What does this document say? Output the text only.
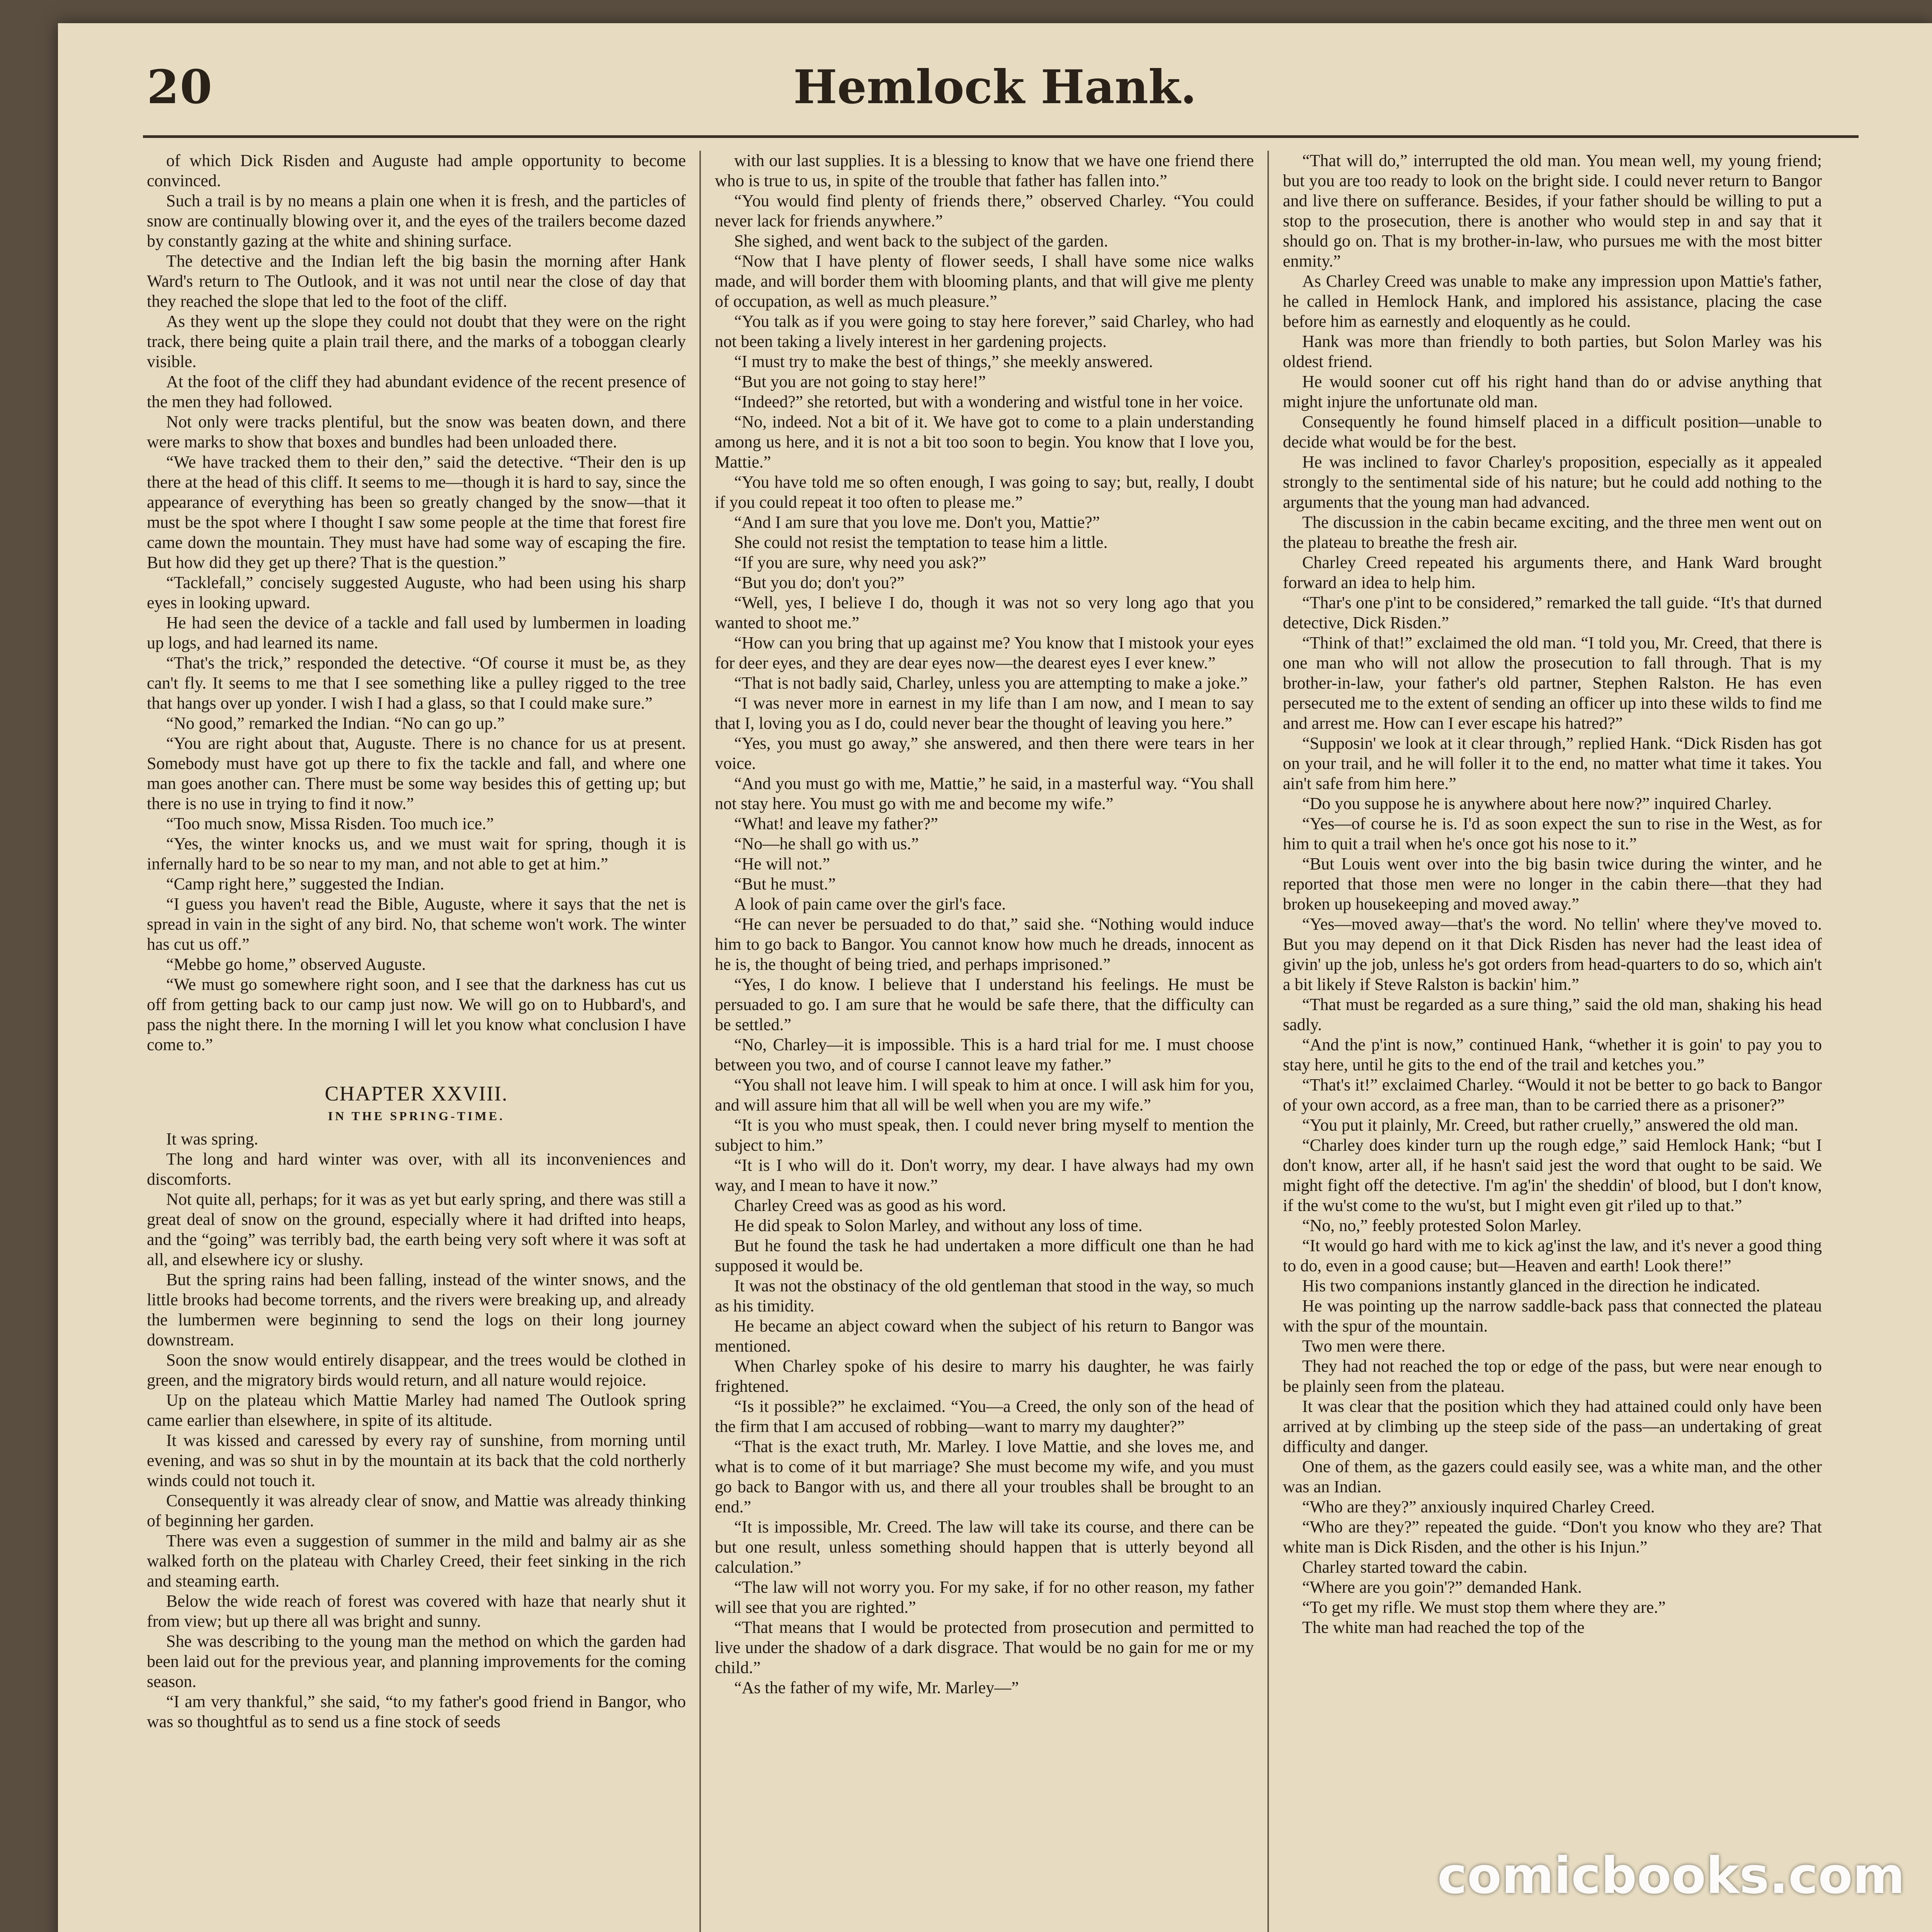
20	Hemlock Hank.

of which Dick Risden and Auguste had ample opportunity to become convinced.

Such a trail is by no means a plain one when it is fresh, and the particles of snow are continually blowing over it, and the eyes of the trailers become dazed by constantly gazing at the white and shining surface.

The detective and the Indian left the big basin the morning after Hank Ward's return to The Outlook, and it was not until near the close of day that they reached the slope that led to the foot of the cliff.

As they went up the slope they could not doubt that they were on the right track, there being quite a plain trail there, and the marks of a toboggan clearly visible.

At the foot of the cliff they had abundant evidence of the recent presence of the men they had followed.

Not only were tracks plentiful, but the snow was beaten down, and there were marks to show that boxes and bundles had been unloaded there.

“We have tracked them to their den,” said the detective. “Their den is up there at the head of this cliff. It seems to me—though it is hard to say, since the appearance of everything has been so greatly changed by the snow—that it must be the spot where I thought I saw some people at the time that forest fire came down the mountain. They must have had some way of escaping the fire. But how did they get up there? That is the question.”

“Tacklefall,” concisely suggested Auguste, who had been using his sharp eyes in looking upward.

He had seen the device of a tackle and fall used by lumbermen in loading up logs, and had learned its name.

“That's the trick,” responded the detective. “Of course it must be, as they can't fly. It seems to me that I see something like a pulley rigged to the tree that hangs over up yonder. I wish I had a glass, so that I could make sure.”

“No good,” remarked the Indian. “No can go up.”

“You are right about that, Auguste. There is no chance for us at present. Somebody must have got up there to fix the tackle and fall, and where one man goes another can. There must be some way besides this of getting up; but there is no use in trying to find it now.”

“Too much snow, Missa Risden. Too much ice.”

“Yes, the winter knocks us, and we must wait for spring, though it is infernally hard to be so near to my man, and not able to get at him.”

“Camp right here,” suggested the Indian.

“I guess you haven't read the Bible, Auguste, where it says that the net is spread in vain in the sight of any bird. No, that scheme won't work. The winter has cut us off.”

“Mebbe go home,” observed Auguste.

“We must go somewhere right soon, and I see that the darkness has cut us off from getting back to our camp just now. We will go on to Hubbard's, and pass the night there. In the morning I will let you know what conclusion I have come to.”

CHAPTER XXVIII.
IN THE SPRING-TIME.

It was spring.

The long and hard winter was over, with all its inconveniences and discomforts.

Not quite all, perhaps; for it was as yet but early spring, and there was still a great deal of snow on the ground, especially where it had drifted into heaps, and the “going” was terribly bad, the earth being very soft where it was soft at all, and elsewhere icy or slushy.

But the spring rains had been falling, instead of the winter snows, and the little brooks had become torrents, and the rivers were breaking up, and already the lumbermen were beginning to send the logs on their long journey downstream.

Soon the snow would entirely disappear, and the trees would be clothed in green, and the migratory birds would return, and all nature would rejoice.

Up on the plateau which Mattie Marley had named The Outlook spring came earlier than elsewhere, in spite of its altitude.

It was kissed and caressed by every ray of sunshine, from morning until evening, and was so shut in by the mountain at its back that the cold northerly winds could not touch it.

Consequently it was already clear of snow, and Mattie was already thinking of beginning her garden.

There was even a suggestion of summer in the mild and balmy air as she walked forth on the plateau with Charley Creed, their feet sinking in the rich and steaming earth.

Below the wide reach of forest was covered with haze that nearly shut it from view; but up there all was bright and sunny.

She was describing to the young man the method on which the garden had been laid out for the previous year, and planning improvements for the coming season.

“I am very thankful,” she said, “to my father's good friend in Bangor, who was so thoughtful as to send us a fine stock of seeds

with our last supplies. It is a blessing to know that we have one friend there who is true to us, in spite of the trouble that father has fallen into.”

“You would find plenty of friends there,” observed Charley. “You could never lack for friends anywhere.”

She sighed, and went back to the subject of the garden.

“Now that I have plenty of flower seeds, I shall have some nice walks made, and will border them with blooming plants, and that will give me plenty of occupation, as well as much pleasure.”

“You talk as if you were going to stay here forever,” said Charley, who had not been taking a lively interest in her gardening projects.

“I must try to make the best of things,” she meekly answered.

“But you are not going to stay here!”

“Indeed?” she retorted, but with a wondering and wistful tone in her voice.

“No, indeed. Not a bit of it. We have got to come to a plain understanding among us here, and it is not a bit too soon to begin. You know that I love you, Mattie.”

“You have told me so often enough, I was going to say; but, really, I doubt if you could repeat it too often to please me.”

“And I am sure that you love me. Don't you, Mattie?”

She could not resist the temptation to tease him a little.

“If you are sure, why need you ask?”

“But you do; don't you?”

“Well, yes, I believe I do, though it was not so very long ago that you wanted to shoot me.”

“How can you bring that up against me? You know that I mistook your eyes for deer eyes, and they are dear eyes now—the dearest eyes I ever knew.”

“That is not badly said, Charley, unless you are attempting to make a joke.”

“I was never more in earnest in my life than I am now, and I mean to say that I, loving you as I do, could never bear the thought of leaving you here.”

“Yes, you must go away,” she answered, and then there were tears in her voice.

“And you must go with me, Mattie,” he said, in a masterful way. “You shall not stay here. You must go with me and become my wife.”

“What! and leave my father?”

“No—he shall go with us.”

“He will not.”

“But he must.”

A look of pain came over the girl's face.

“He can never be persuaded to do that,” said she. “Nothing would induce him to go back to Bangor. You cannot know how much he dreads, innocent as he is, the thought of being tried, and perhaps imprisoned.”

“Yes, I do know. I believe that I understand his feelings. He must be persuaded to go. I am sure that he would be safe there, that the difficulty can be settled.”

“No, Charley—it is impossible. This is a hard trial for me. I must choose between you two, and of course I cannot leave my father.”

“You shall not leave him. I will speak to him at once. I will ask him for you, and will assure him that all will be well when you are my wife.”

“It is you who must speak, then. I could never bring myself to mention the subject to him.”

“It is I who will do it. Don't worry, my dear. I have always had my own way, and I mean to have it now.”

Charley Creed was as good as his word.

He did speak to Solon Marley, and without any loss of time.

But he found the task he had undertaken a more difficult one than he had supposed it would be.

It was not the obstinacy of the old gentleman that stood in the way, so much as his timidity.

He became an abject coward when the subject of his return to Bangor was mentioned.

When Charley spoke of his desire to marry his daughter, he was fairly frightened.

“Is it possible?” he exclaimed. “You—a Creed, the only son of the head of the firm that I am accused of robbing—want to marry my daughter?”

“That is the exact truth, Mr. Marley. I love Mattie, and she loves me, and what is to come of it but marriage? She must become my wife, and you must go back to Bangor with us, and there all your troubles shall be brought to an end.”

“It is impossible, Mr. Creed. The law will take its course, and there can be but one result, unless something should happen that is utterly beyond all calculation.”

“The law will not worry you. For my sake, if for no other reason, my father will see that you are righted.”

“That means that I would be protected from prosecution and permitted to live under the shadow of a dark disgrace. That would be no gain for me or my child.”

“As the father of my wife, Mr. Marley—”

“That will do,” interrupted the old man. You mean well, my young friend; but you are too ready to look on the bright side. I could never return to Bangor and live there on sufferance. Besides, if your father should be willing to put a stop to the prosecution, there is another who would step in and say that it should go on. That is my brother-in-law, who pursues me with the most bitter enmity.”

As Charley Creed was unable to make any impression upon Mattie's father, he called in Hemlock Hank, and implored his assistance, placing the case before him as earnestly and eloquently as he could.

Hank was more than friendly to both parties, but Solon Marley was his oldest friend.

He would sooner cut off his right hand than do or advise anything that might injure the unfortunate old man.

Consequently he found himself placed in a difficult position—unable to decide what would be for the best.

He was inclined to favor Charley's proposition, especially as it appealed strongly to the sentimental side of his nature; but he could add nothing to the arguments that the young man had advanced.

The discussion in the cabin became exciting, and the three men went out on the plateau to breathe the fresh air.

Charley Creed repeated his arguments there, and Hank Ward brought forward an idea to help him.

“Thar's one p'int to be considered,” remarked the tall guide. “It's that durned detective, Dick Risden.”

“Think of that!” exclaimed the old man. “I told you, Mr. Creed, that there is one man who will not allow the prosecution to fall through. That is my brother-in-law, your father's old partner, Stephen Ralston. He has even persecuted me to the extent of sending an officer up into these wilds to find me and arrest me. How can I ever escape his hatred?”

“Supposin' we look at it clear through,” replied Hank. “Dick Risden has got on your trail, and he will foller it to the end, no matter what time it takes. You ain't safe from him here.”

“Do you suppose he is anywhere about here now?” inquired Charley.

“Yes—of course he is. I'd as soon expect the sun to rise in the West, as for him to quit a trail when he's once got his nose to it.”

“But Louis went over into the big basin twice during the winter, and he reported that those men were no longer in the cabin there—that they had broken up housekeeping and moved away.”

“Yes—moved away—that's the word. No tellin' where they've moved to. But you may depend on it that Dick Risden has never had the least idea of givin' up the job, unless he's got orders from head-quarters to do so, which ain't a bit likely if Steve Ralston is backin' him.”

“That must be regarded as a sure thing,” said the old man, shaking his head sadly.

“And the p'int is now,” continued Hank, “whether it is goin' to pay you to stay here, until he gits to the end of the trail and ketches you.”

“That's it!” exclaimed Charley. “Would it not be better to go back to Bangor of your own accord, as a free man, than to be carried there as a prisoner?”

“You put it plainly, Mr. Creed, but rather cruelly,” answered the old man.

“Charley does kinder turn up the rough edge,” said Hemlock Hank; “but I don't know, arter all, if he hasn't said jest the word that ought to be said. We might fight off the detective. I'm ag'in' the sheddin' of blood, but I don't know, if the wu'st come to the wu'st, but I might even git r'iled up to that.”

“No, no,” feebly protested Solon Marley.

“It would go hard with me to kick ag'inst the law, and it's never a good thing to do, even in a good cause; but—Heaven and earth! Look there!”

His two companions instantly glanced in the direction he indicated.

He was pointing up the narrow saddle-back pass that connected the plateau with the spur of the mountain.

Two men were there.

They had not reached the top or edge of the pass, but were near enough to be plainly seen from the plateau.

It was clear that the position which they had attained could only have been arrived at by climbing up the steep side of the pass—an undertaking of great difficulty and danger.

One of them, as the gazers could easily see, was a white man, and the other was an Indian.

“Who are they?” anxiously inquired Charley Creed.

“Who are they?” repeated the guide. “Don't you know who they are? That white man is Dick Risden, and the other is his Injun.”

Charley started toward the cabin.

“Where are you goin'?” demanded Hank.

“To get my rifle. We must stop them where they are.”

The white man had reached the top of the

comicbooks.com
